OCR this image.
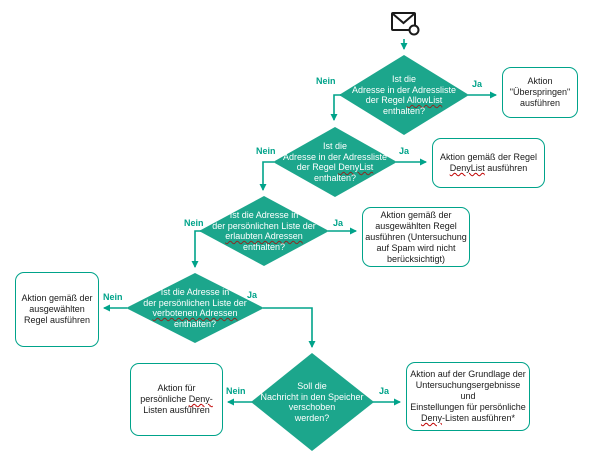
Ist die
Adresse in der Adressliste
der Regel AllowList
enthalten?
Ist die
Adresse in der Adressliste
der Regel DenyList
enthalten?
Ist die Adresse in
der persönlichen Liste der
erlaubten Adressen
enthalten?
Ist die Adresse in
der persönlichen Liste der
verbotenen Adressen
enthalten?
Soll die
Nachricht in den Speicher
verschoben
werden?
Aktion
"Überspringen"
ausführen
Aktion gemäß der Regel
DenyList ausführen
Aktion gemäß der
ausgewählten Regel
ausführen (Untersuchung
auf Spam wird nicht
berücksichtigt)
Aktion gemäß der
ausgewählten
Regel ausführen
Aktion für
persönliche Deny-
Listen ausführen
Aktion auf der Grundlage der
Untersuchungsergebnisse und
Einstellungen für persönliche
Deny-Listen ausführen*
Nein	Ja
Nein	Ja
Nein	Ja
Nein	Ja
Nein	Ja
